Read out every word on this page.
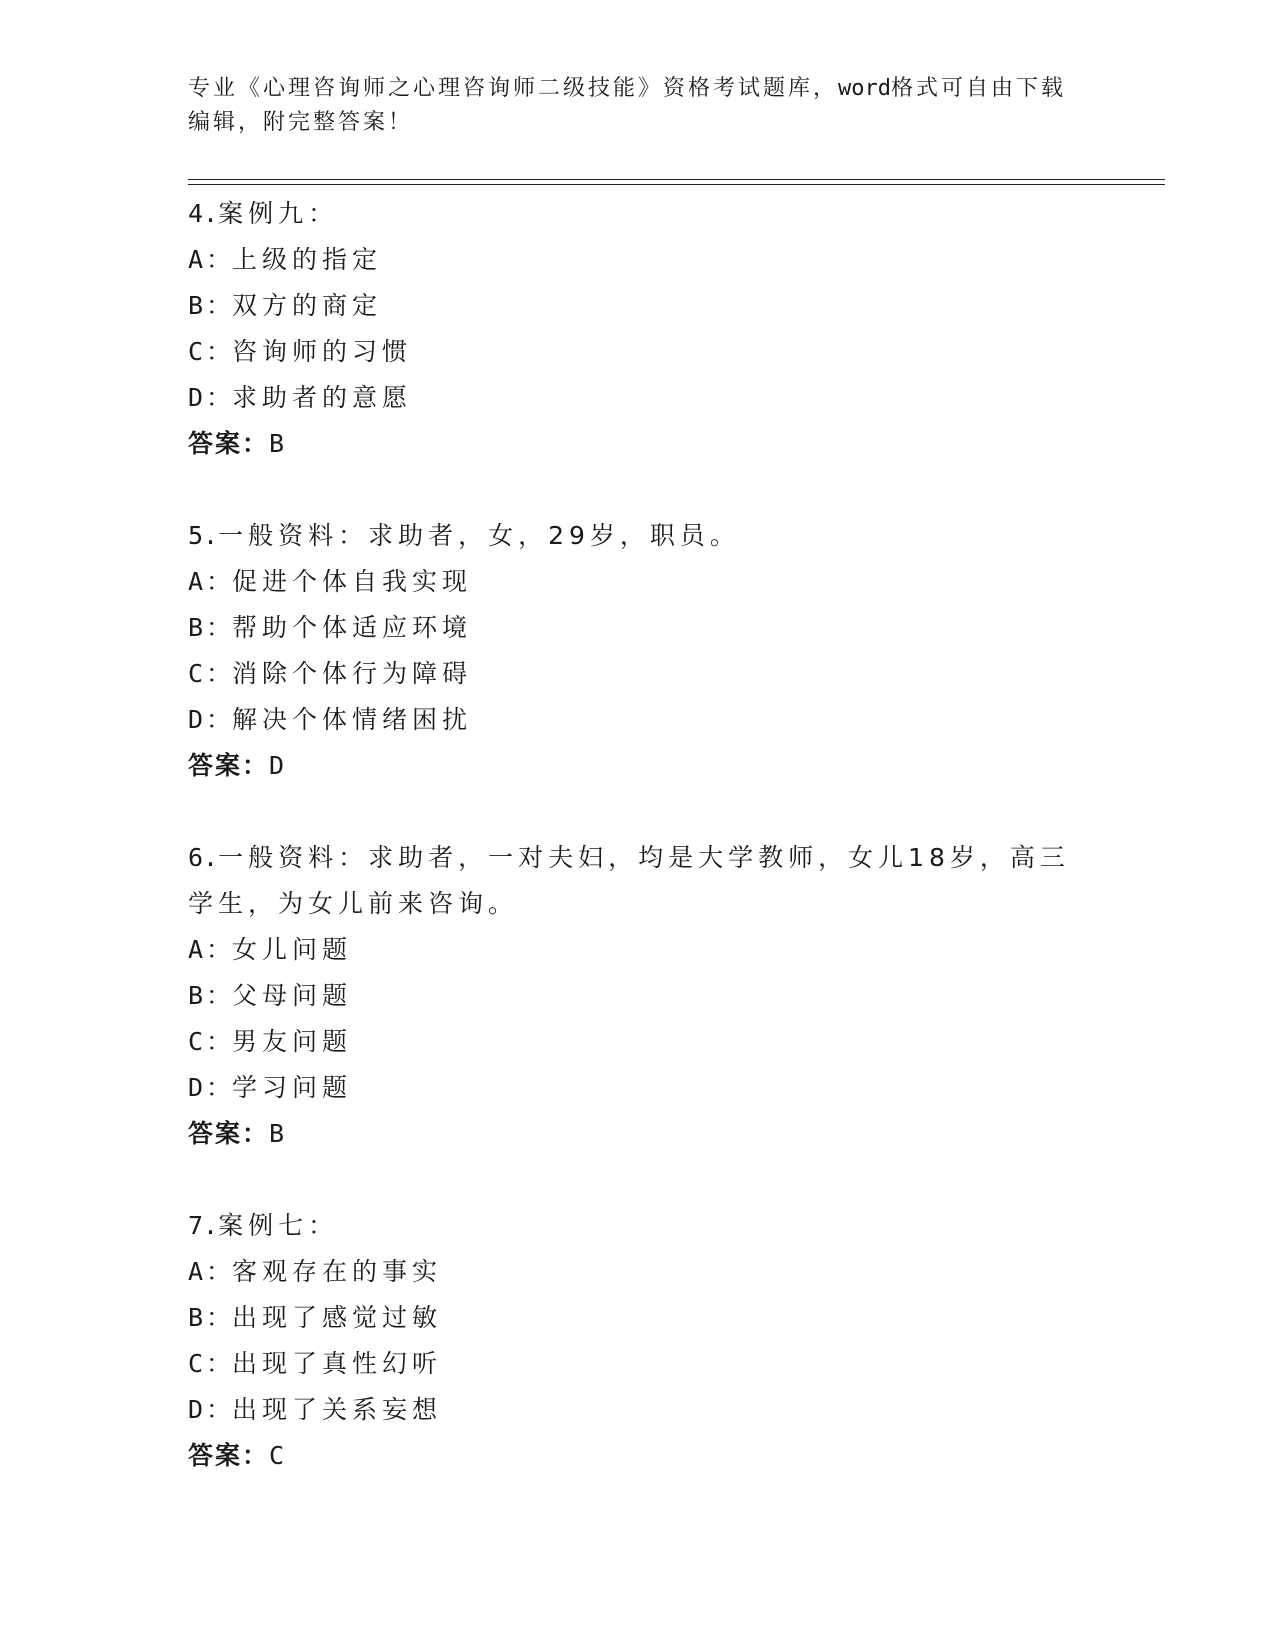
专业《心理咨询师之心理咨询师二级技能》资格考试题库，word格式可自由下载
编辑，附完整答案！

4.案例九：

A ：上级的指定

B ：双方的商定

C ：咨询师的习惯

D ：求助者的意愿

答案：B

5.一般资料：求助者，女，29岁，职员。

A ：促进个体自我实现

B ：帮助个体适应环境

C ：消除个体行为障碍

D ：解决个体情绪困扰

答案：D

6.一般资料：求助者，一对夫妇，均是大学教师，女儿18岁，高三学生，为女儿前来咨询。

A ：女儿问题

B ：父母问题

C ：男友问题

D ：学习问题

答案：B

7.案例七：

A ：客观存在的事实

B ：出现了感觉过敏

C ：出现了真性幻听

D ：出现了关系妄想

答案：C
